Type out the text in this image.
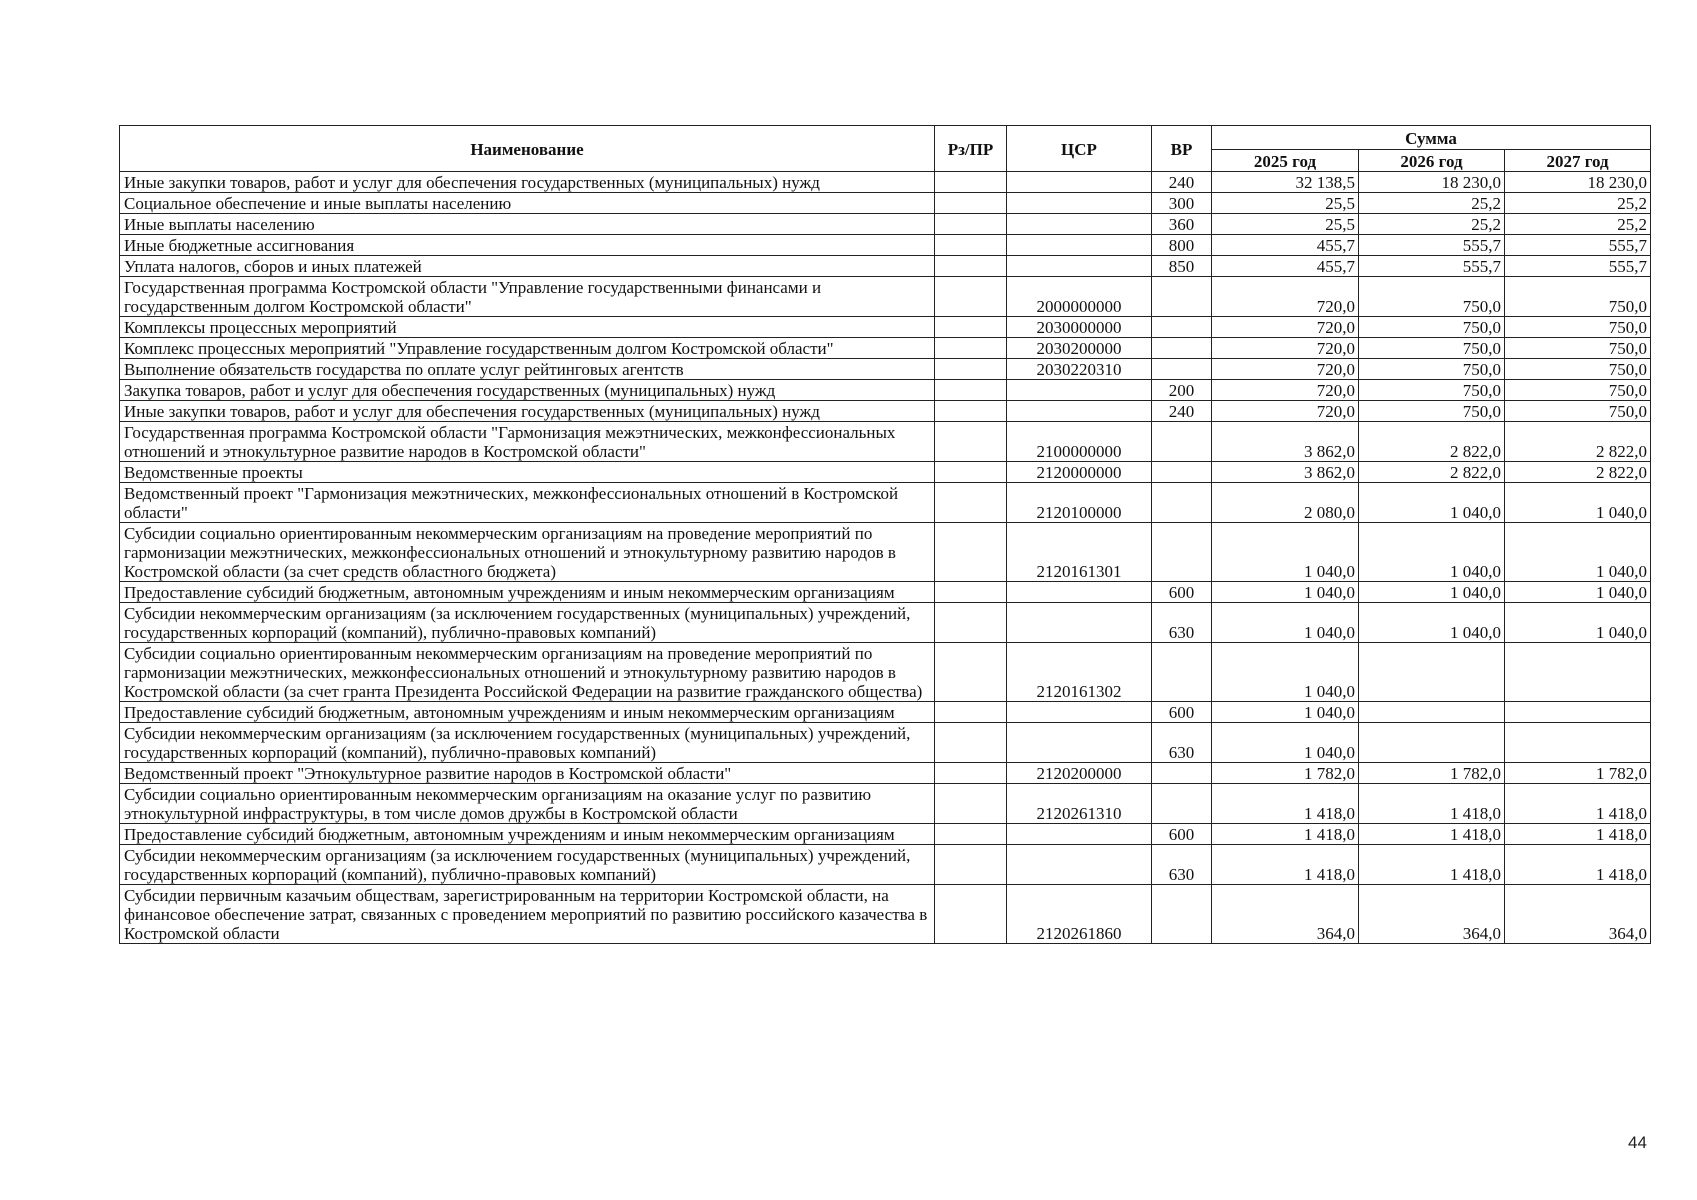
Наименование	Рз/ПР	ЦСР	ВР	Сумма		
				2025 год	2026 год	2027 год
Иные закупки товаров, работ и услуг для обеспечения государственных (муниципальных) нужд			240	32 138,5	18 230,0	18 230,0
Социальное обеспечение и иные выплаты населению			300	25,5	25,2	25,2
Иные выплаты населению			360	25,5	25,2	25,2
Иные бюджетные ассигнования			800	455,7	555,7	555,7
Уплата налогов, сборов и иных платежей			850	455,7	555,7	555,7
Государственная программа Костромской области "Управление государственными финансами и государственным долгом Костромской области"		2000000000		720,0	750,0	750,0
Комплексы процессных мероприятий		2030000000		720,0	750,0	750,0
Комплекс процессных мероприятий "Управление государственным долгом Костромской области"		2030200000		720,0	750,0	750,0
Выполнение обязательств государства по оплате услуг рейтинговых агентств		2030220310		720,0	750,0	750,0
Закупка товаров, работ и услуг для обеспечения государственных (муниципальных) нужд			200	720,0	750,0	750,0
Иные закупки товаров, работ и услуг для обеспечения государственных (муниципальных) нужд			240	720,0	750,0	750,0
Государственная программа Костромской области "Гармонизация межэтнических, межконфессиональных отношений и этнокультурное развитие народов в Костромской области"		2100000000		3 862,0	2 822,0	2 822,0
Ведомственные проекты		2120000000		3 862,0	2 822,0	2 822,0
Ведомственный проект "Гармонизация межэтнических, межконфессиональных отношений в Костромской области"		2120100000		2 080,0	1 040,0	1 040,0
Субсидии социально ориентированным некоммерческим организациям на проведение мероприятий по гармонизации межэтнических, межконфессиональных отношений и этнокультурному развитию народов в Костромской области (за счет средств областного бюджета)		2120161301		1 040,0	1 040,0	1 040,0
Предоставление субсидий бюджетным, автономным учреждениям и иным некоммерческим организациям			600	1 040,0	1 040,0	1 040,0
Субсидии некоммерческим организациям (за исключением государственных (муниципальных) учреждений, государственных корпораций (компаний), публично-правовых компаний)			630	1 040,0	1 040,0	1 040,0
Субсидии социально ориентированным некоммерческим организациям на проведение мероприятий по гармонизации межэтнических, межконфессиональных отношений и этнокультурному развитию народов в Костромской области (за счет гранта Президента Российской Федерации на развитие гражданского общества)		2120161302		1 040,0		
Предоставление субсидий бюджетным, автономным учреждениям и иным некоммерческим организациям			600	1 040,0		
Субсидии некоммерческим организациям (за исключением государственных (муниципальных) учреждений, государственных корпораций (компаний), публично-правовых компаний)			630	1 040,0		
Ведомственный проект "Этнокультурное развитие народов в Костромской области"		2120200000		1 782,0	1 782,0	1 782,0
Субсидии социально ориентированным некоммерческим организациям на оказание услуг по развитию этнокультурной инфраструктуры, в том числе домов дружбы в Костромской области		2120261310		1 418,0	1 418,0	1 418,0
Предоставление субсидий бюджетным, автономным учреждениям и иным некоммерческим организациям			600	1 418,0	1 418,0	1 418,0
Субсидии некоммерческим организациям (за исключением государственных (муниципальных) учреждений, государственных корпораций (компаний), публично-правовых компаний)			630	1 418,0	1 418,0	1 418,0
Субсидии первичным казачьим обществам, зарегистрированным на территории Костромской области, на финансовое обеспечение затрат, связанных с проведением мероприятий по развитию российского казачества в Костромской области		2120261860		364,0	364,0	364,0
44
